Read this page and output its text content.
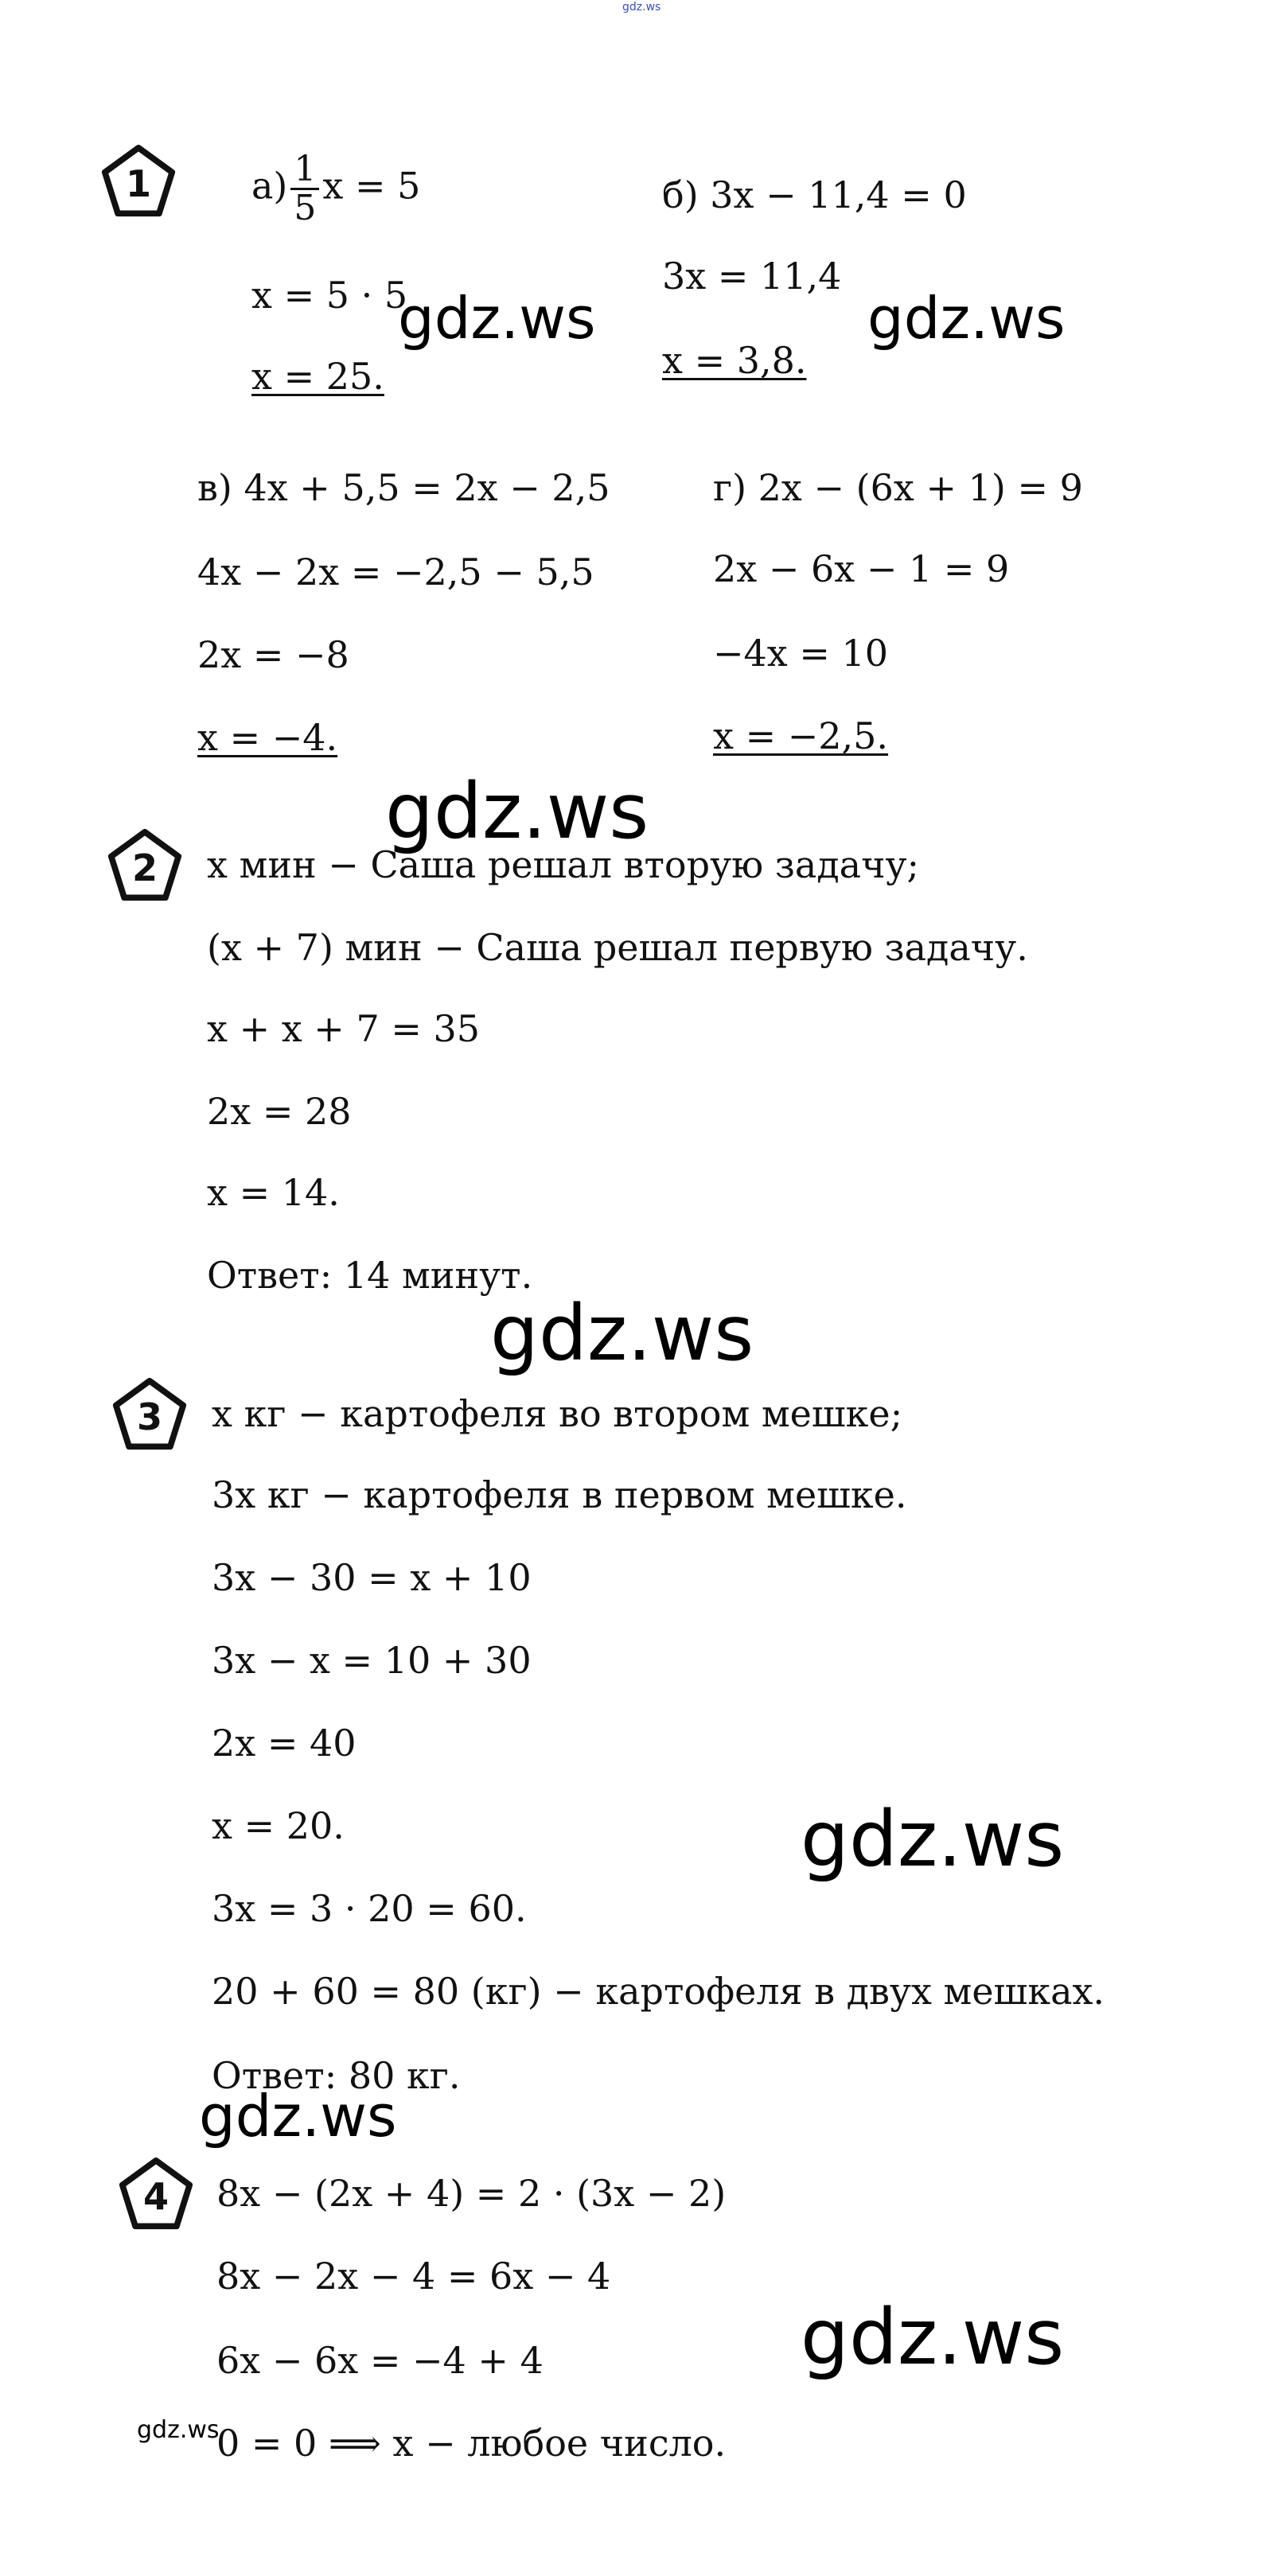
gdz.ws
1	$а) \frac{1}{5}$ x = 5
x = 5 · 5
x = 25.
б) 3x − 11,4 = 0
3x = 11,4
x = 3,8.
в) 4x + 5,5 = 2x − 2,5
4x − 2x = −2,5 − 5,5
2x = −8
x = −4.
г) 2x − (6x + 1) = 9
2x − 6x − 1 = 9
−4x = 10
x = −2,5.
2 x мин − Саша решал вторую задачу;
(x + 7) мин − Саша решал первую задачу.
x + x + 7 = 35
2x = 28
x = 14.
Ответ: 14 минут.
3 x кг − картофеля во втором мешке;
3x кг − картофеля в первом мешке.
3x − 30 = x + 10
3x − x = 10 + 30
2x = 40
x = 20.
3x = 3 · 20 = 60.
20 + 60 = 80 (кг) − картофеля в двух мешках.
Ответ: 80 кг.
4 8x − (2x + 4) = 2 · (3x − 2)
8x − 2x − 4 = 6x − 4
6x − 6x = −4 + 4
0 = 0 ⟹ x − любое число.
gdz.ws	gdz.ws
gdz.ws
gdz.ws
gdz.ws
gdz.ws
gdz.ws
gdz.ws
